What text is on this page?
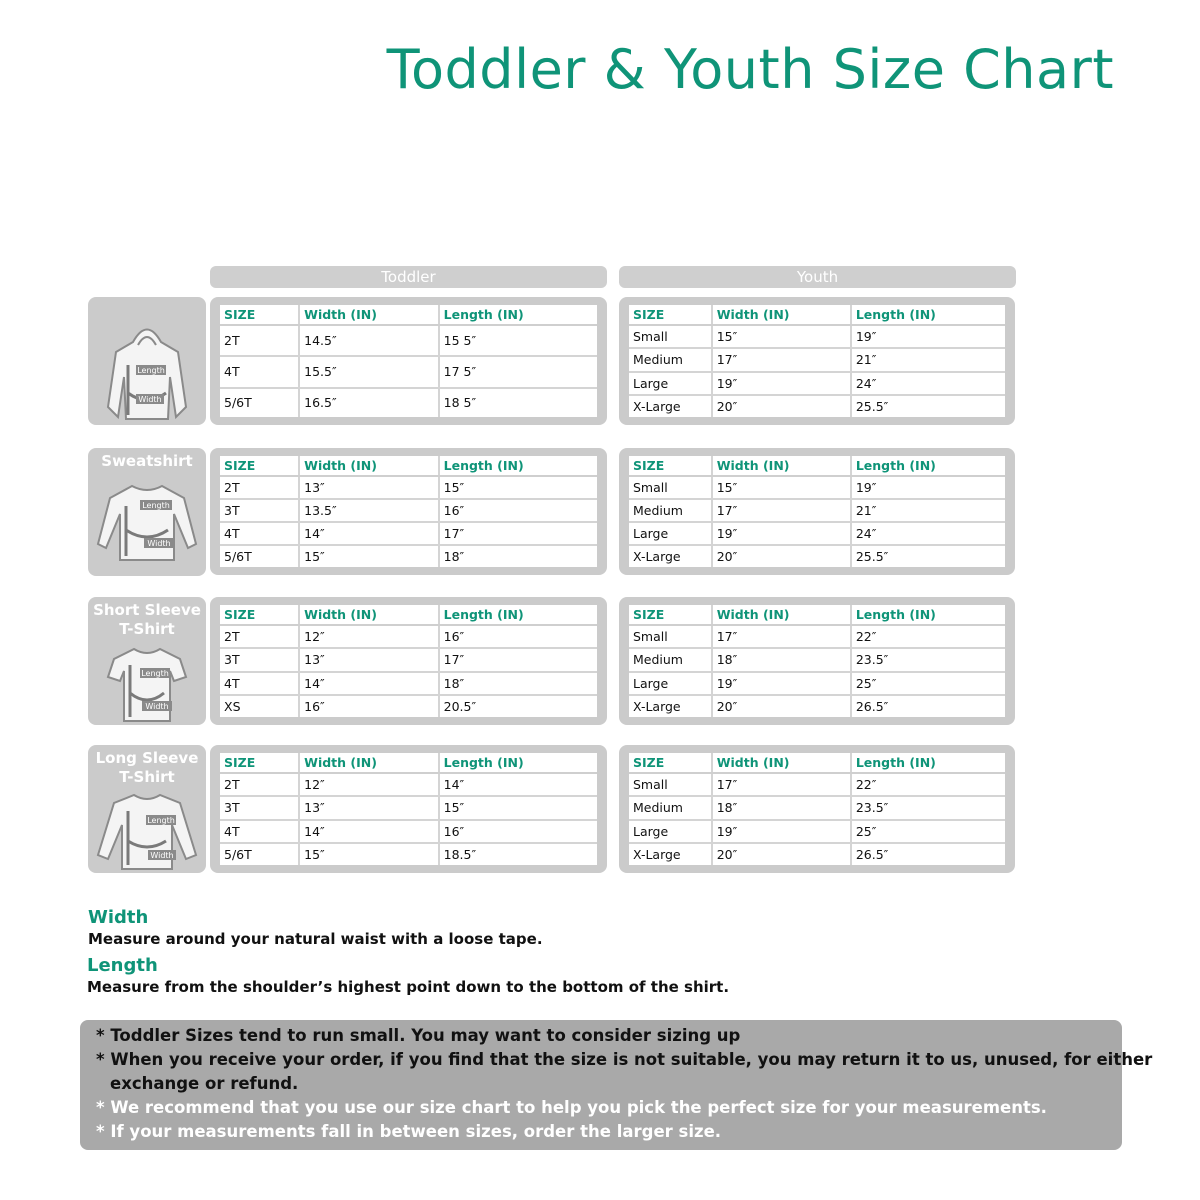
Toddler & Youth Size Chart
Toddler	Youth
Length
Width
SIZE	Width (IN)	Length (IN)
2T	14.5″	15 5″
4T	15.5″	17 5″
5/6T	16.5″	18 5″
SIZE	Width (IN)	Length (IN)
Small	15″	19″
Medium	17″	21″
Large	19″	24″
X-Large	20″	25.5″
Sweatshirt
Length
Width
SIZE	Width (IN)	Length (IN)
2T	13″	15″
3T	13.5″	16″
4T	14″	17″
5/6T	15″	18″
SIZE	Width (IN)	Length (IN)
Small	15″	19″
Medium	17″	21″
Large	19″	24″
X-Large	20″	25.5″
Short Sleeve
T-Shirt
Length
Width
SIZE	Width (IN)	Length (IN)
2T	12″	16″
3T	13″	17″
4T	14″	18″
XS	16″	20.5″
SIZE	Width (IN)	Length (IN)
Small	17″	22″
Medium	18″	23.5″
Large	19″	25″
X-Large	20″	26.5″
Long Sleeve
T-Shirt
Length
Width
SIZE	Width (IN)	Length (IN)
2T	12″	14″
3T	13″	15″
4T	14″	16″
5/6T	15″	18.5″
SIZE	Width (IN)	Length (IN)
Small	17″	22″
Medium	18″	23.5″
Large	19″	25″
X-Large	20″	26.5″
Width
Measure around your natural waist with a loose tape.
Length
Measure from the shoulder’s highest point down to the bottom of the shirt.
* Toddler Sizes tend to run small. You may want to consider sizing up
* When you receive your order, if you find that the size is not suitable, you may return it to us, unused, for either
exchange or refund.
* We recommend that you use our size chart to help you pick the perfect size for your measurements.
* If your measurements fall in between sizes, order the larger size.
